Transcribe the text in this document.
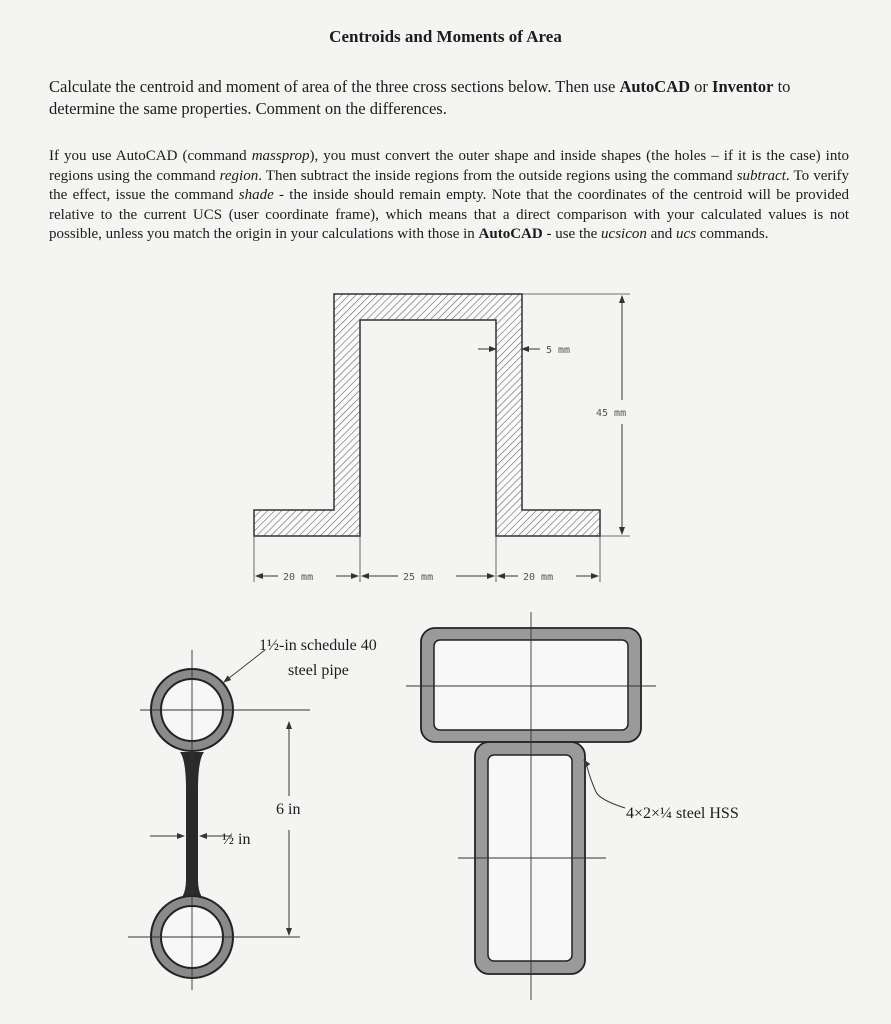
Centroids and Moments of Area
Calculate the centroid and moment of area of the three cross sections below. Then use AutoCAD or Inventor to determine the same properties. Comment on the differences.
If you use AutoCAD (command massprop), you must convert the outer shape and inside shapes (the holes – if it is the case) into regions using the command region. Then subtract the inside regions from the outside regions using the command subtract. To verify the effect, issue the command shade - the inside should remain empty. Note that the coordinates of the centroid will be provided relative to the current UCS (user coordinate frame), which means that a direct comparison with your calculated values is not possible, unless you match the origin in your calculations with those in AutoCAD - use the ucsicon and ucs commands.
5 mm
45 mm
20 mm	25 mm	20 mm
1½-in schedule 40
steel pipe
6 in
½ in
4×2×¼ steel HSS
